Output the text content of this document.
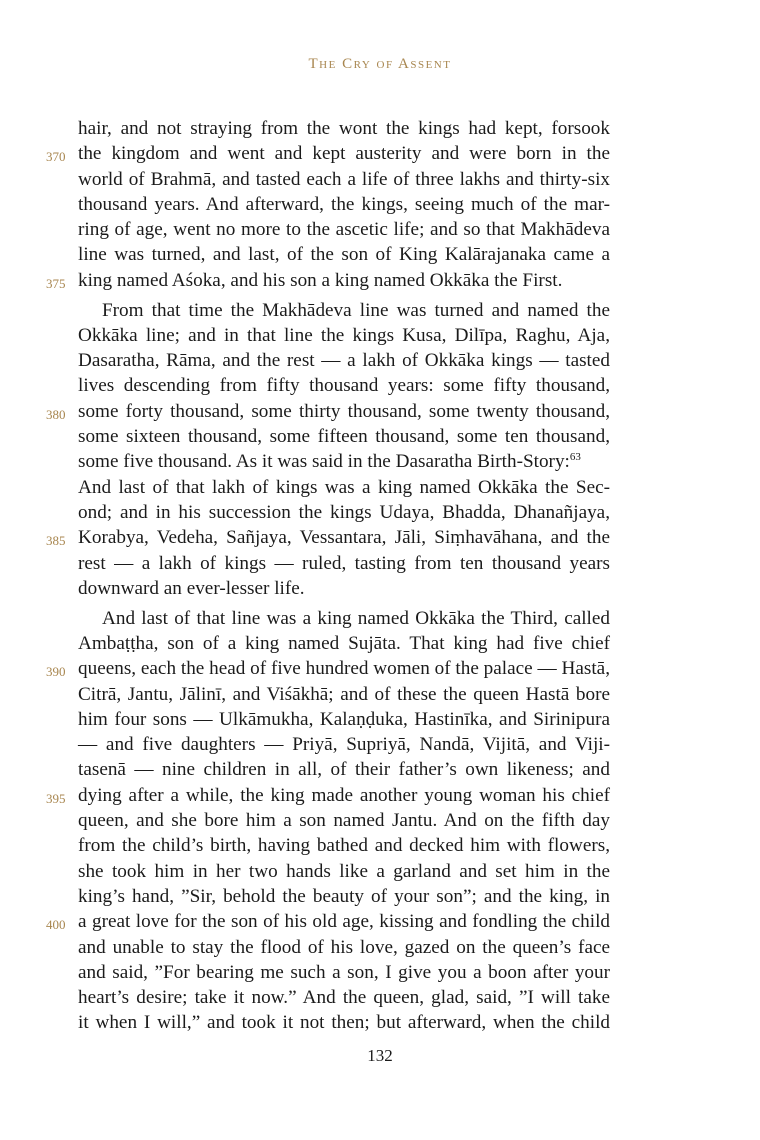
The Cry of Assent
hair, and not straying from the wont the kings had kept, forsook
370 the kingdom and went and kept austerity and were born in the
world of Brahmā, and tasted each a life of three lakhs and thirty-six
thousand years. And afterward, the kings, seeing much of the mar-
ring of age, went no more to the ascetic life; and so that Makhādeva
line was turned, and last, of the son of King Kalārajanaka came a
375 king named Aśoka, and his son a king named Okkāka the First.
From that time the Makhādeva line was turned and named the
Okkāka line; and in that line the kings Kusa, Dilīpa, Raghu, Aja,
Dasaratha, Rāma, and the rest — a lakh of Okkāka kings — tasted
lives descending from fifty thousand years: some fifty thousand,
380 some forty thousand, some thirty thousand, some twenty thousand,
some sixteen thousand, some fifteen thousand, some ten thousand,
some five thousand. As it was said in the Dasaratha Birth-Story:$^{63}$
And last of that lakh of kings was a king named Okkāka the Sec-
ond; and in his succession the kings Udaya, Bhadda, Dhanañjaya,
385 Korabya, Vedeha, Sañjaya, Vessantara, Jāli, Siṃhavāhana, and the
rest — a lakh of kings — ruled, tasting from ten thousand years
downward an ever-lesser life.
And last of that line was a king named Okkāka the Third, called
Ambaṭṭha, son of a king named Sujāta. That king had five chief
390 queens, each the head of five hundred women of the palace — Hastā,
Citrā, Jantu, Jālinī, and Viśākhā; and of these the queen Hastā bore
him four sons — Ulkāmukha, Kalaṇḍuka, Hastinīka, and Sirinipura
— and five daughters — Priyā, Supriyā, Nandā, Vijitā, and Viji-
tasenā — nine children in all, of their father’s own likeness; and
395 dying after a while, the king made another young woman his chief
queen, and she bore him a son named Jantu. And on the fifth day
from the child’s birth, having bathed and decked him with flowers,
she took him in her two hands like a garland and set him in the
king’s hand, ”Sir, behold the beauty of your son”; and the king, in
400 a great love for the son of his old age, kissing and fondling the child
and unable to stay the flood of his love, gazed on the queen’s face
and said, ”For bearing me such a son, I give you a boon after your
heart’s desire; take it now.” And the queen, glad, said, ”I will take
it when I will,” and took it not then; but afterward, when the child
132
